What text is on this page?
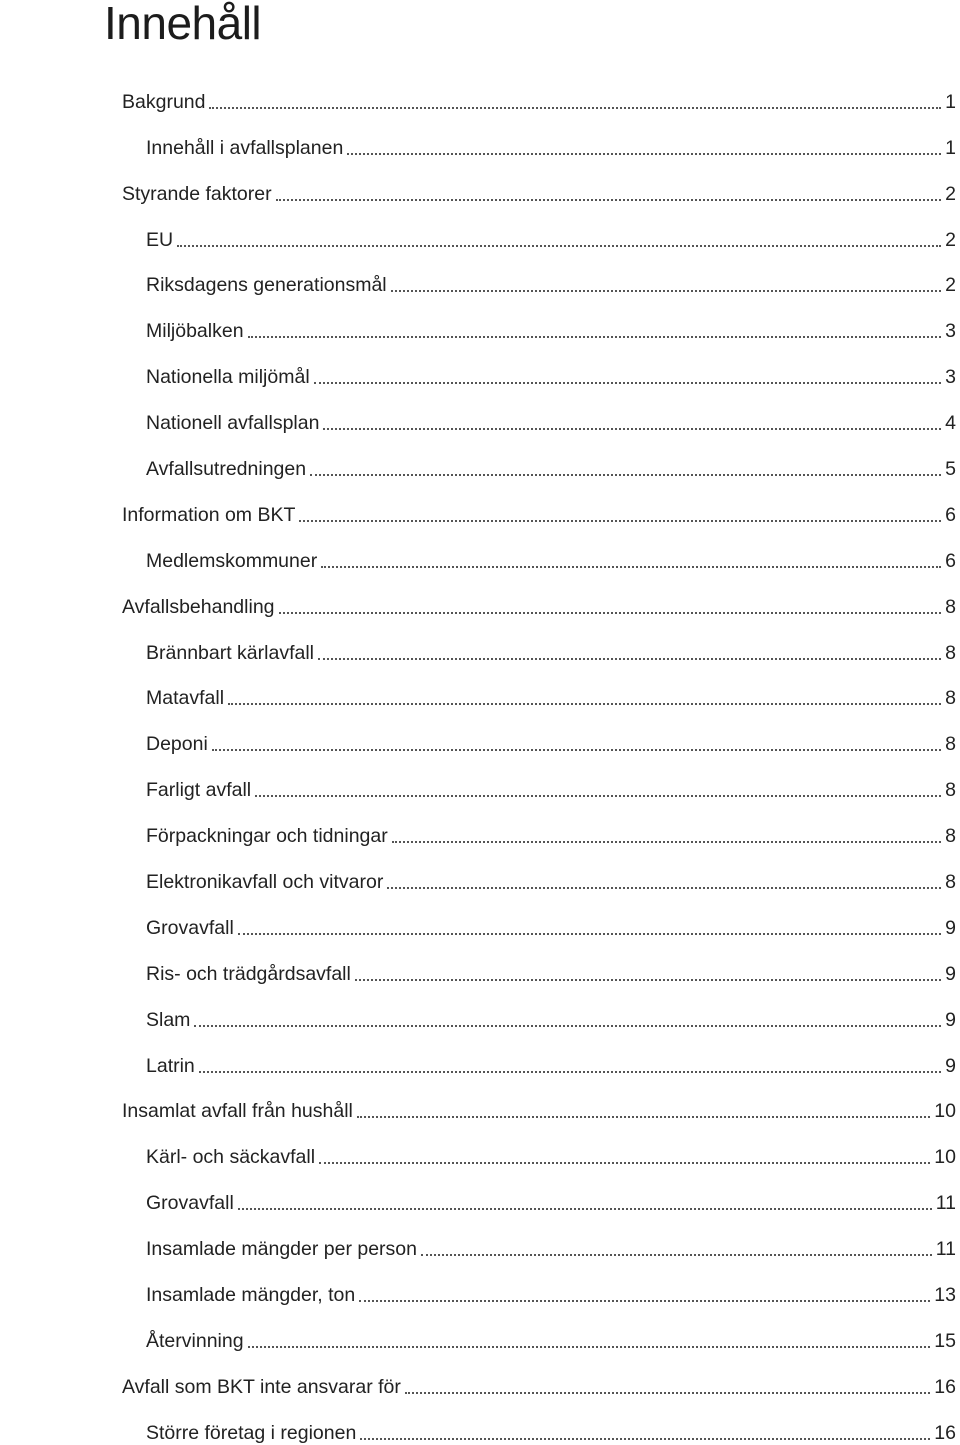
Innehåll
Bakgrund	1
Innehåll i avfallsplanen	1
Styrande faktorer	2
EU	2
Riksdagens generationsmål	2
Miljöbalken	3
Nationella miljömål	3
Nationell avfallsplan	4
Avfallsutredningen	5
Information om BKT	6
Medlemskommuner	6
Avfallsbehandling	8
Brännbart kärlavfall	8
Matavfall	8
Deponi	8
Farligt avfall	8
Förpackningar och tidningar	8
Elektronikavfall och vitvaror	8
Grovavfall	9
Ris- och trädgårdsavfall	9
Slam	9
Latrin	9
Insamlat avfall från hushåll	10
Kärl- och säckavfall	10
Grovavfall	11
Insamlade mängder per person	11
Insamlade mängder, ton	13
Återvinning	15
Avfall som BKT inte ansvarar för	16
Större företag i regionen	16
